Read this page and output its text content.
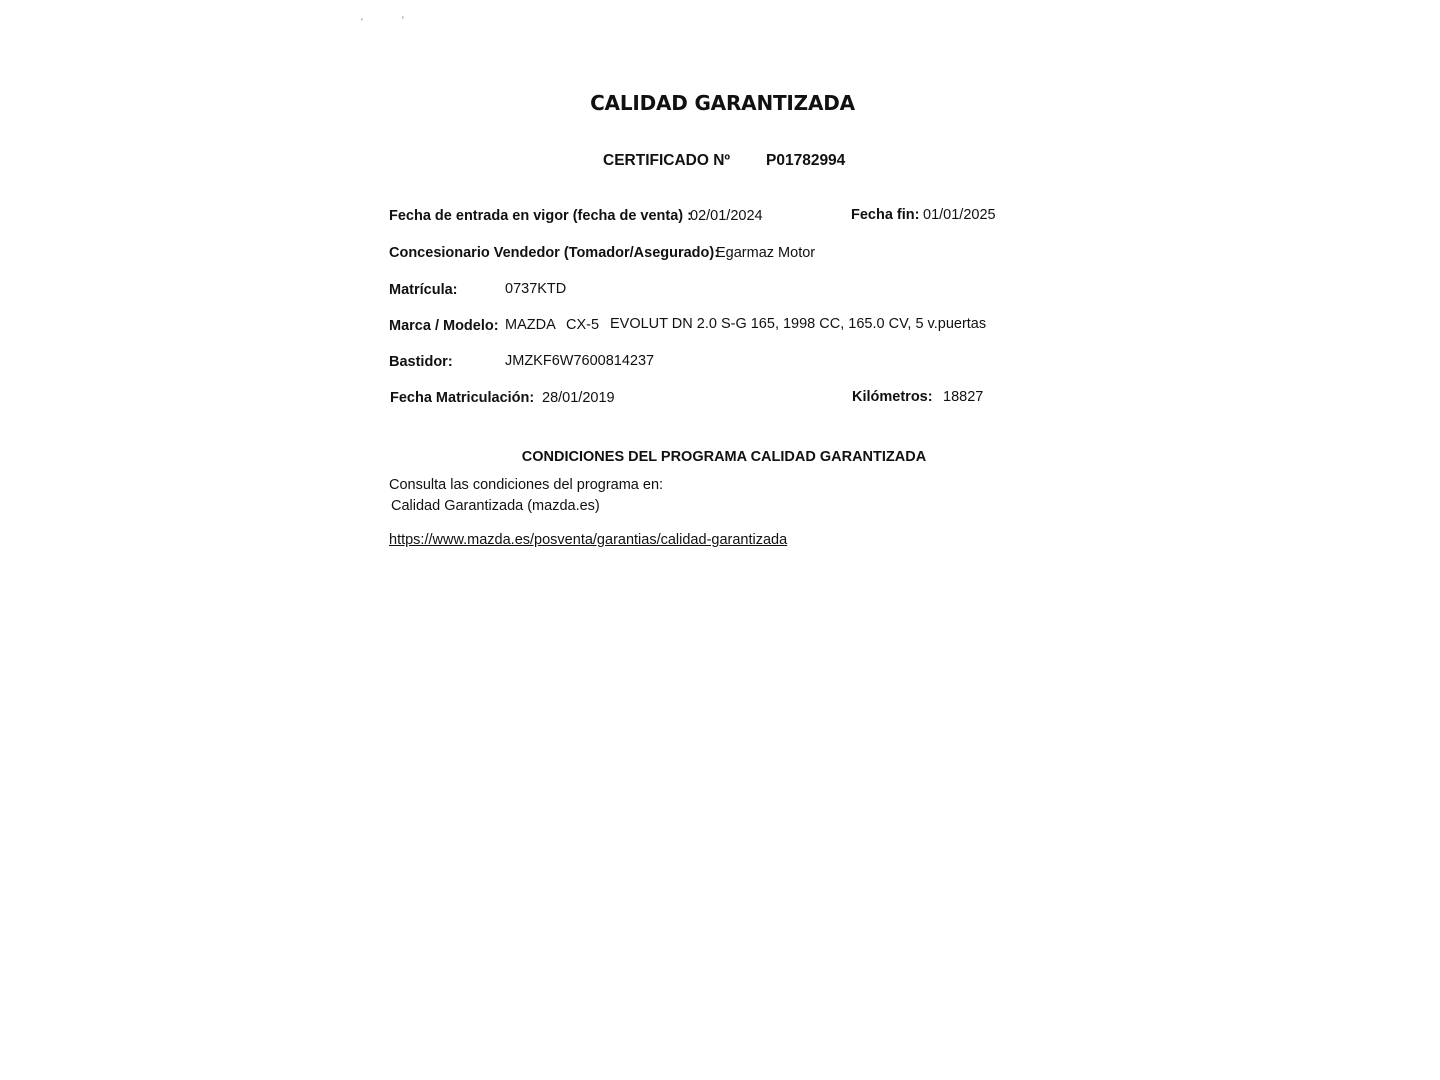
'	'
CALIDAD GARANTIZADA
CERTIFICADO Nº P01782994
Fecha de entrada en vigor (fecha de venta) :
02/01/2024	Fecha fin: 01/01/2025
Concesionario Vendedor (Tomador/Asegurado):
Egarmaz Motor
Matrícula:	0737KTD
Marca / Modelo: MAZDA CX-5 EVOLUT DN 2.0 S-G 165, 1998 CC, 165.0 CV, 5 v.puertas
Bastidor:	JMZKF6W7600814237
Fecha Matriculación: 28/01/2019	Kilómetros: 18827
CONDICIONES DEL PROGRAMA CALIDAD GARANTIZADA
Consulta las condiciones del programa en:
Calidad Garantizada (mazda.es)
https://www.mazda.es/posventa/garantias/calidad-garantizada
